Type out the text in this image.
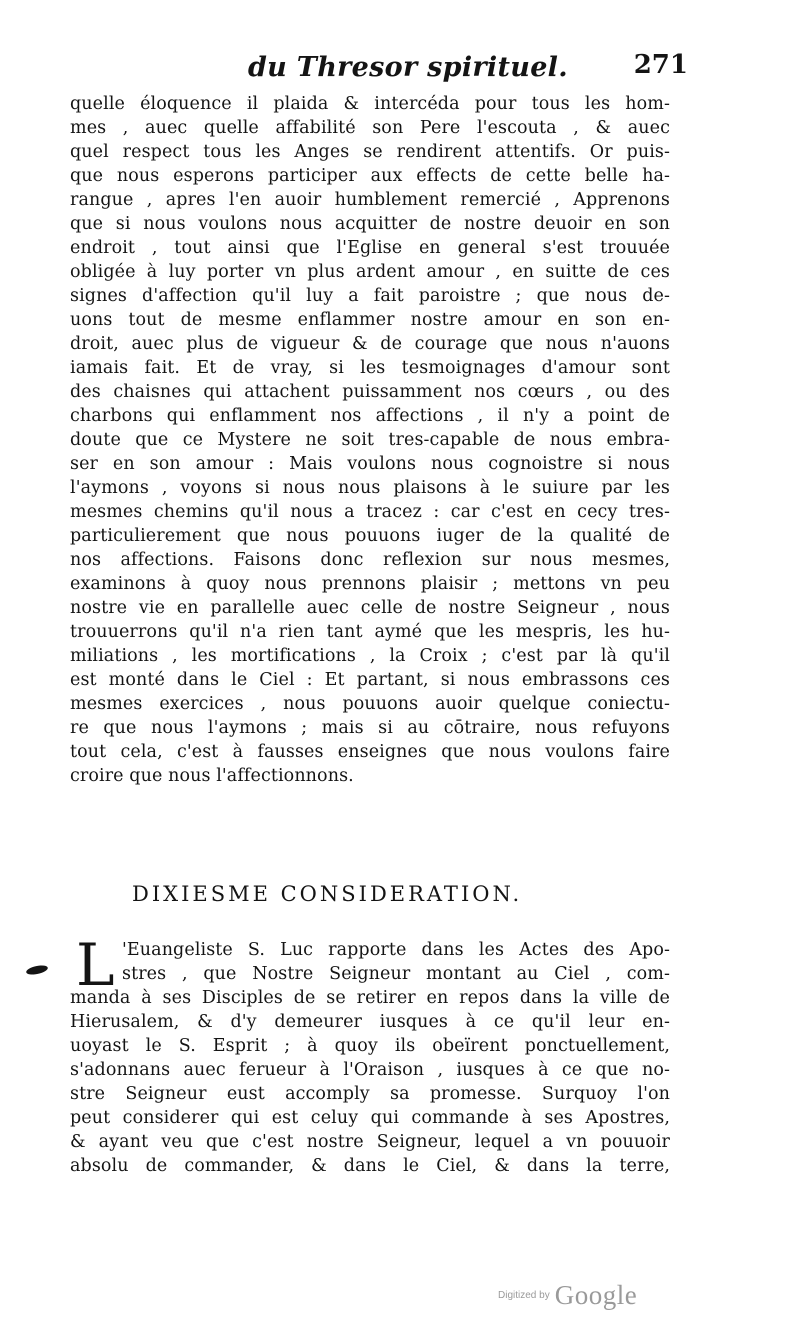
du Thresor spirituel.	271
quelle éloquence il plaida & intercéda pour tous les hom-
mes , auec quelle affabilité son Pere l'escouta , & auec
quel respect tous les Anges se rendirent attentifs. Or puis-
que nous esperons participer aux effects de cette belle ha-
rangue , apres l'en auoir humblement remercié , Apprenons
que si nous voulons nous acquitter de nostre deuoir en son
endroit , tout ainsi que l'Eglise en general s'est trouuée
obligée à luy porter vn plus ardent amour , en suitte de ces
signes d'affection qu'il luy a fait paroistre ; que nous de-
uons tout de mesme enflammer nostre amour en son en-
droit, auec plus de vigueur & de courage que nous n'auons
iamais fait. Et de vray, si les tesmoignages d'amour sont
des chaisnes qui attachent puissamment nos cœurs , ou des
charbons qui enflamment nos affections , il n'y a point de
doute que ce Mystere ne soit tres-capable de nous embra-
ser en son amour : Mais voulons nous cognoistre si nous
l'aymons , voyons si nous nous plaisons à le suiure par les
mesmes chemins qu'il nous a tracez : car c'est en cecy tres-
particulierement que nous pouuons iuger de la qualité de
nos affections. Faisons donc reflexion sur nous mesmes,
examinons à quoy nous prennons plaisir ; mettons vn peu
nostre vie en parallelle auec celle de nostre Seigneur , nous
trouuerrons qu'il n'a rien tant aymé que les mespris, les hu-
miliations , les mortifications , la Croix ; c'est par là qu'il
est monté dans le Ciel : Et partant, si nous embrassons ces
mesmes exercices , nous pouuons auoir quelque coniectu-
re que nous l'aymons ; mais si au cōtraire, nous refuyons
tout cela, c'est à fausses enseignes que nous voulons faire
croire que nous l'affectionnons.
DIXIESME CONSIDERATION.
L 'Euangeliste S. Luc rapporte dans les Actes des Apo-
stres , que Nostre Seigneur montant au Ciel , com-
manda à ses Disciples de se retirer en repos dans la ville de
Hierusalem, & d'y demeurer iusques à ce qu'il leur en-
uoyast le S. Esprit ; à quoy ils obeïrent ponctuellement,
s'adonnans auec ferueur à l'Oraison , iusques à ce que no-
stre Seigneur eust accomply sa promesse. Surquoy l'on
peut considerer qui est celuy qui commande à ses Apostres,
& ayant veu que c'est nostre Seigneur, lequel a vn pouuoir
absolu de commander, & dans le Ciel, & dans la terre,
Digitized by Google
